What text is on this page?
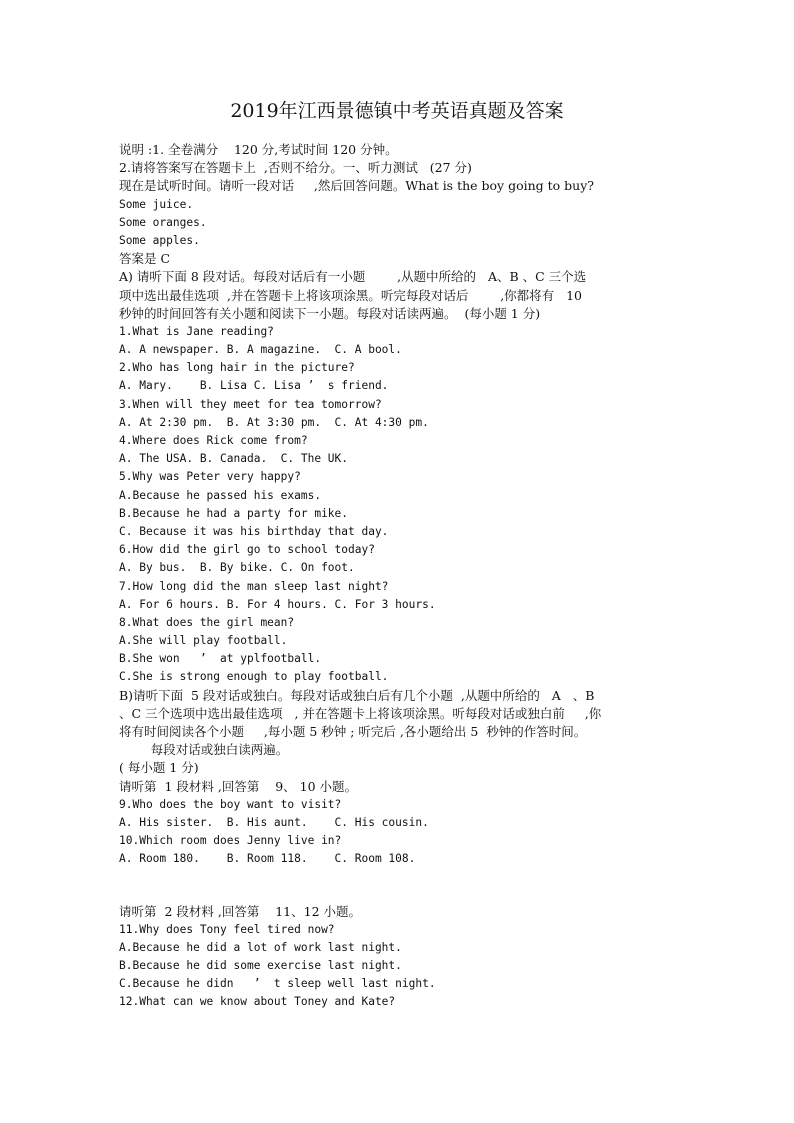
2019年江西景德镇中考英语真题及答案
说明 :1. 全卷满分    120 分,考试时间 120 分钟。
2.请将答案写在答题卡上  ,否则不给分。一、听力测试   (27 分)
现在是试听时间。请听一段对话     ,然后回答问题。What is the boy going to buy?
Some juice.
Some oranges.
Some apples.
答案是 C
A) 请听下面 8 段对话。每段对话后有一小题        ,从题中所给的   A、B 、C 三个选
项中选出最佳选项  ,并在答题卡上将该项涂黑。听完每段对话后        ,你都将有   10
秒钟的时间回答有关小题和阅读下一小题。每段对话读两遍。  (每小题 1 分)
1.What is Jane reading?
A. A newspaper. B. A magazine.  C. A bool.
2.Who has long hair in the picture?
A. Mary.    B. Lisa C. Lisa ’  s friend.
3.When will they meet for tea tomorrow?
A. At 2:30 pm.  B. At 3:30 pm.  C. At 4:30 pm.
4.Where does Rick come from?
A. The USA. B. Canada.  C. The UK.
5.Why was Peter very happy?
A.Because he passed his exams.
B.Because he had a party for mike.
C. Because it was his birthday that day.
6.How did the girl go to school today?
A. By bus.  B. By bike. C. On foot.
7.How long did the man sleep last night?
A. For 6 hours. B. For 4 hours. C. For 3 hours.
8.What does the girl mean?
A.She will play football.
B.She won   ’  at yplfootball.
C.She is strong enough to play football.
B)请听下面  5 段对话或独白。每段对话或独白后有几个小题  ,从题中所给的   A   、B
、C 三个选项中选出最佳选项   , 并在答题卡上将该项涂黑。听每段对话或独白前     ,你
将有时间阅读各个小题     ,每小题 5 秒钟 ; 听完后 ,各小题给出 5  秒钟的作答时间。
每段对话或独白读两遍。
( 每小题 1 分)
请听第  1 段材料 ,回答第    9、 10 小题。
9.Who does the boy want to visit?
A. His sister.  B. His aunt.    C. His cousin.
10.Which room does Jenny live in?
A. Room 180.    B. Room 118.    C. Room 108.
请听第  2 段材料 ,回答第    11、12 小题。
11.Why does Tony feel tired now?
A.Because he did a lot of work last night.
B.Because he did some exercise last night.
C.Because he didn   ’  t sleep well last night.
12.What can we know about Toney and Kate?
